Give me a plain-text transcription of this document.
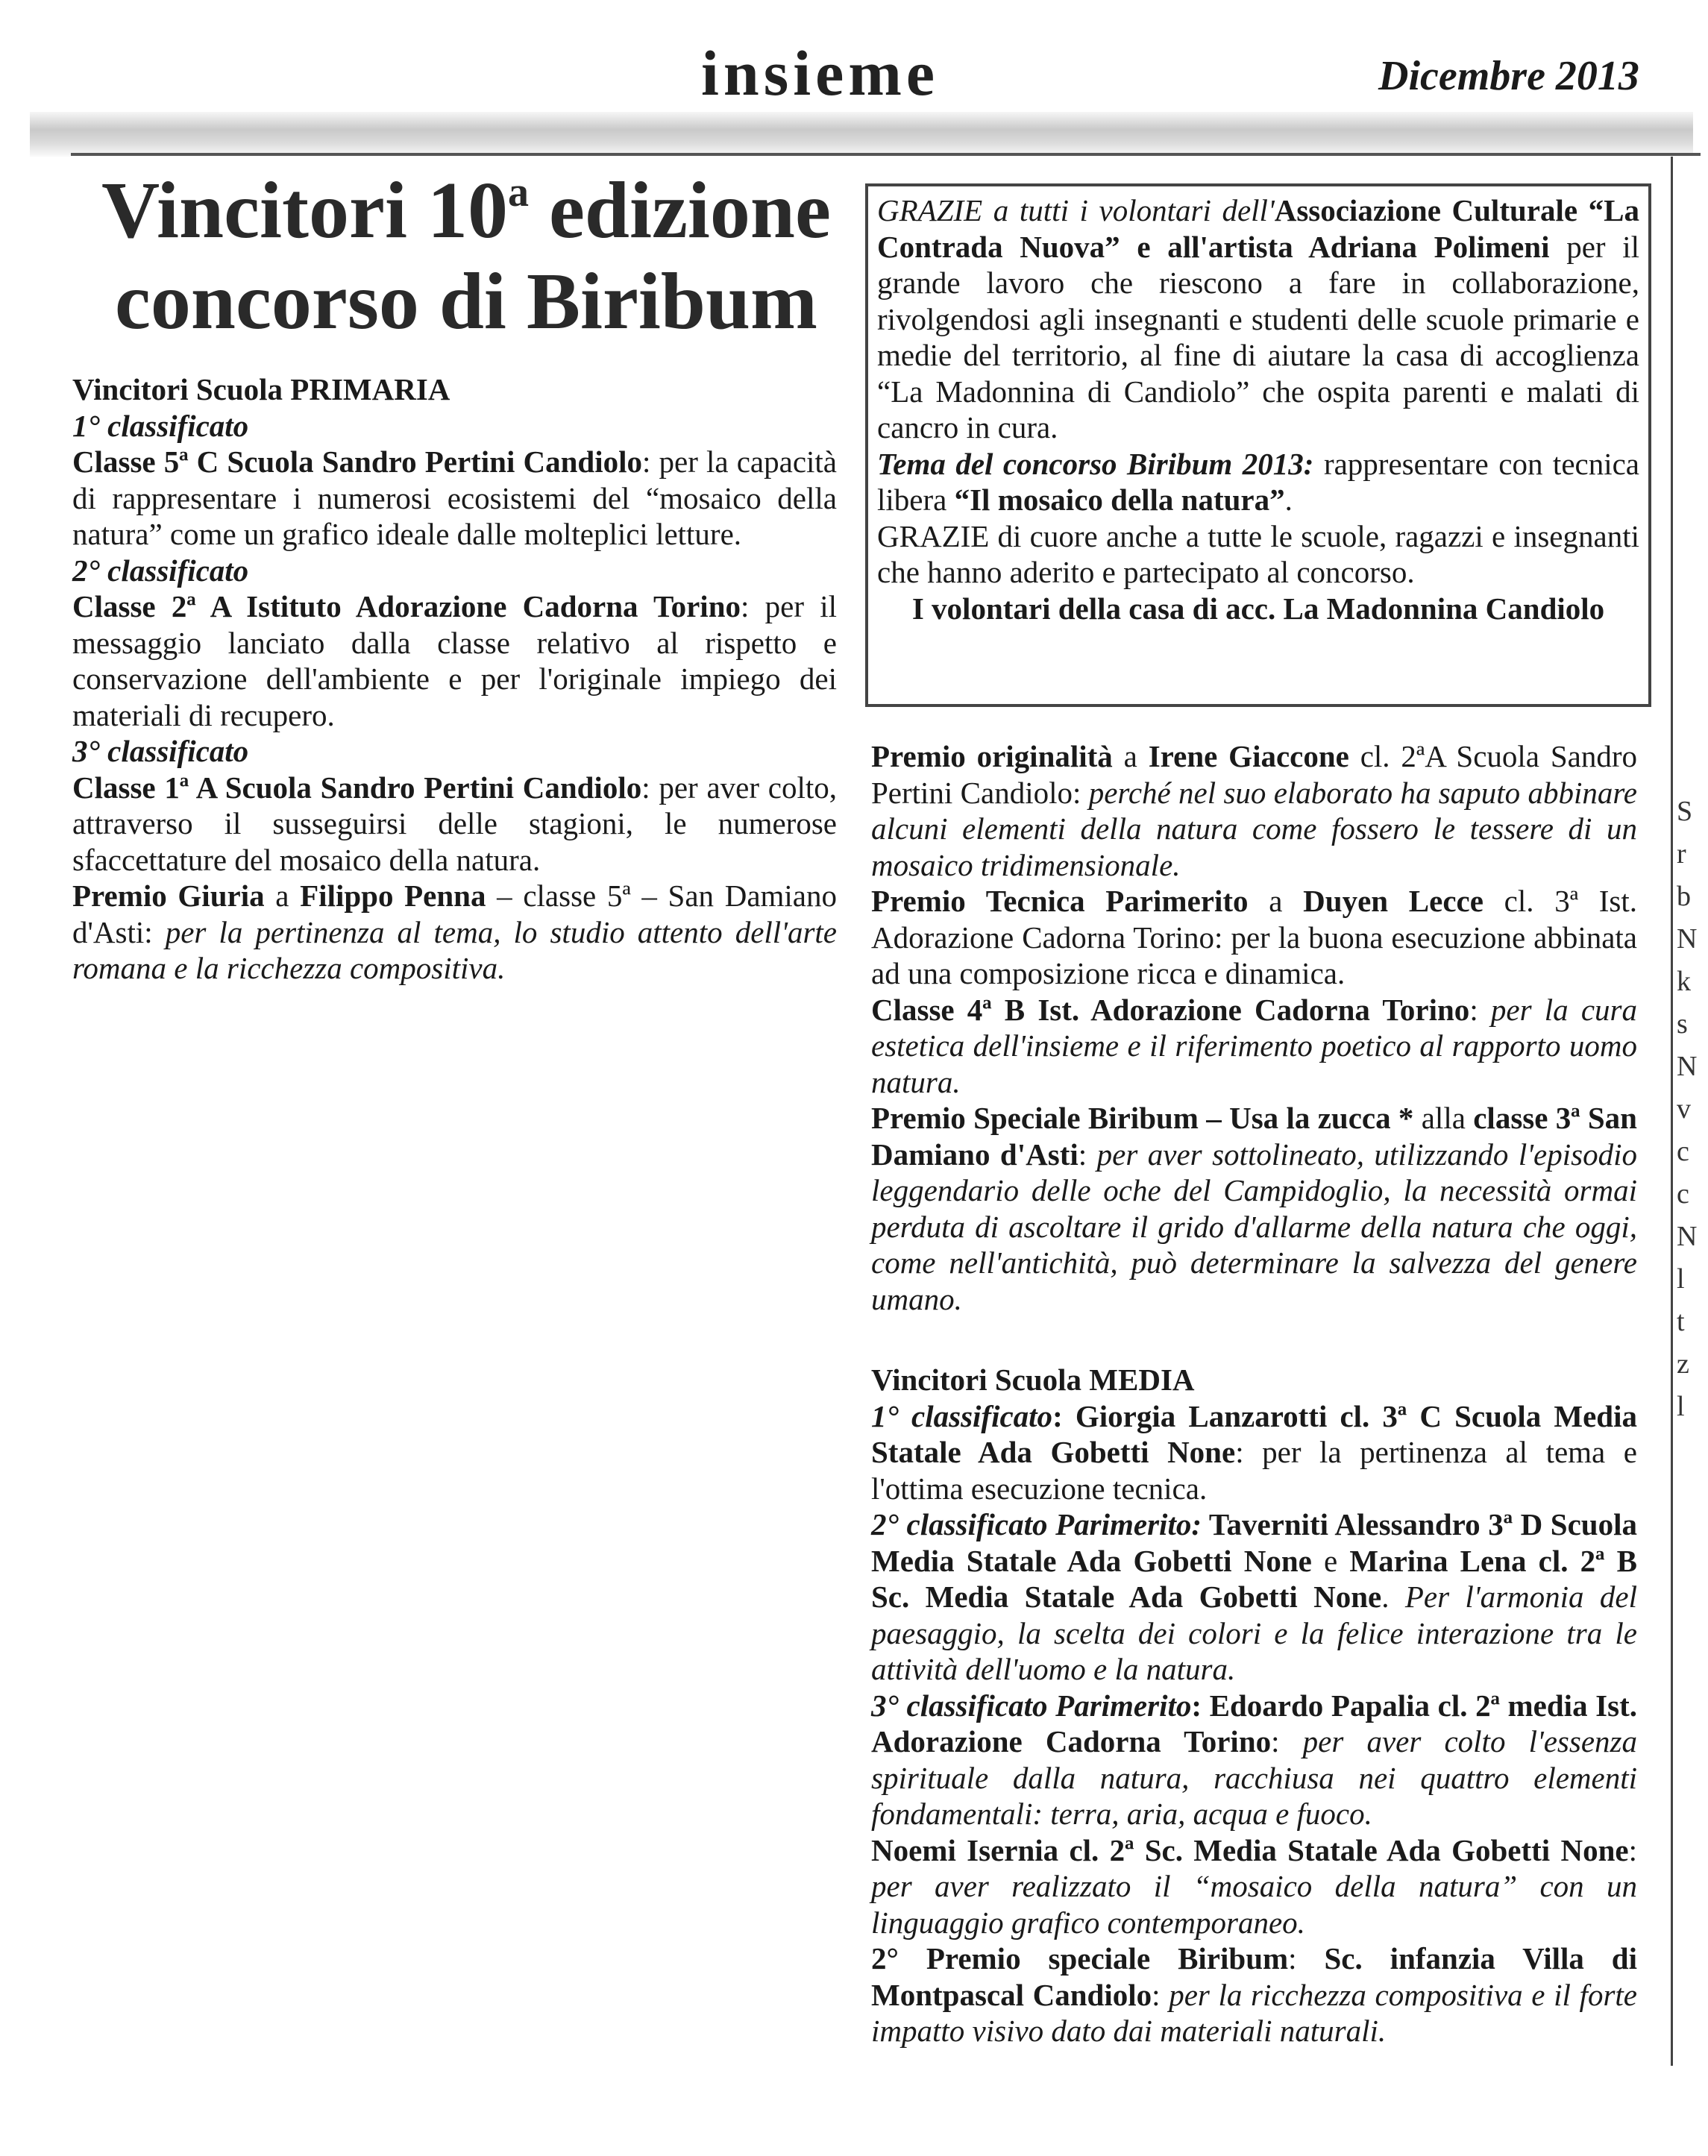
insieme	Dicembre 2013
Vincitori 10$^a$ edizione
concorso di Biribum

Vincitori Scuola PRIMARIA

1° classificato

Classe 5ª C Scuola Sandro Pertini Candiolo: per la capacità di rappresentare i numerosi ecosistemi del “mosaico della natura” come un grafico ideale dalle molteplici letture.

2° classificato

Classe 2ª A Istituto Adorazione Cadorna Torino: per il messaggio lanciato dalla classe relativo al rispetto e conservazione dell'ambiente e per l'originale impiego dei materiali di recupero.

3° classificato

Classe 1ª A Scuola Sandro Pertini Candiolo: per aver colto, attraverso il susseguirsi delle stagioni, le numerose sfaccettature del mosaico della natura.

Premio Giuria a Filippo Penna – classe 5ª – San Damiano d'Asti: per la pertinenza al tema, lo studio attento dell'arte romana e la ricchezza compositiva.

GRAZIE a tutti i volontari dell'Associazione Culturale “La Contrada Nuova” e all'artista Adriana Polimeni per il grande lavoro che riescono a fare in collaborazione, rivolgendosi agli insegnanti e studenti delle scuole primarie e medie del territorio, al fine di aiutare la casa di accoglienza “La Madonnina di Candiolo” che ospita parenti e malati di cancro in cura.

Tema del concorso Biribum 2013: rappresentare con tecnica libera “Il mosaico della natura”.

GRAZIE di cuore anche a tutte le scuole, ragazzi e insegnanti che hanno aderito e partecipato al concorso.

I volontari della casa di acc. La Madonnina Candiolo

Premio originalità a Irene Giaccone cl. 2ªA Scuola Sandro Pertini Candiolo: perché nel suo elaborato ha saputo abbinare alcuni elementi della natura come fossero le tessere di un mosaico tridimensionale.

Premio Tecnica Parimerito a Duyen Lecce cl. 3ª Ist. Adorazione Cadorna Torino: per la buona esecuzione abbinata ad una composizione ricca e dinamica.

Classe 4ª B Ist. Adorazione Cadorna Torino: per la cura estetica dell'insieme e il riferimento poetico al rapporto uomo natura.

Premio Speciale Biribum – Usa la zucca * alla classe 3ª San Damiano d'Asti: per aver sottolineato, utilizzando l'episodio leggendario delle oche del Campidoglio, la necessità ormai perduta di ascoltare il grido d'allarme della natura che oggi, come nell'antichità, può determinare la salvezza del genere umano.

Vincitori Scuola MEDIA

1° classificato: Giorgia Lanzarotti cl. 3ª C Scuola Media Statale Ada Gobetti None: per la pertinenza al tema e l'ottima esecuzione tecnica.

2° classificato Parimerito: Taverniti Alessandro 3ª D Scuola Media Statale Ada Gobetti None e Marina Lena cl. 2ª B Sc. Media Statale Ada Gobetti None. Per l'armonia del paesaggio, la scelta dei colori e la felice interazione tra le attività dell'uomo e la natura.

3° classificato Parimerito: Edoardo Papalia cl. 2ª media Ist. Adorazione Cadorna Torino: per aver colto l'essenza spirituale dalla natura, racchiusa nei quattro elementi fondamentali: terra, aria, acqua e fuoco.

Noemi Isernia cl. 2ª Sc. Media Statale Ada Gobetti None: per aver realizzato il “mosaico della natura” con un linguaggio grafico contemporaneo.

2° Premio speciale Biribum: Sc. infanzia Villa di Montpascal Candiolo: per la ricchezza compositiva e il forte impatto visivo dato dai materiali naturali.

S
r
b
N
k
s
N
v
c
c
N
l
t
z
l
